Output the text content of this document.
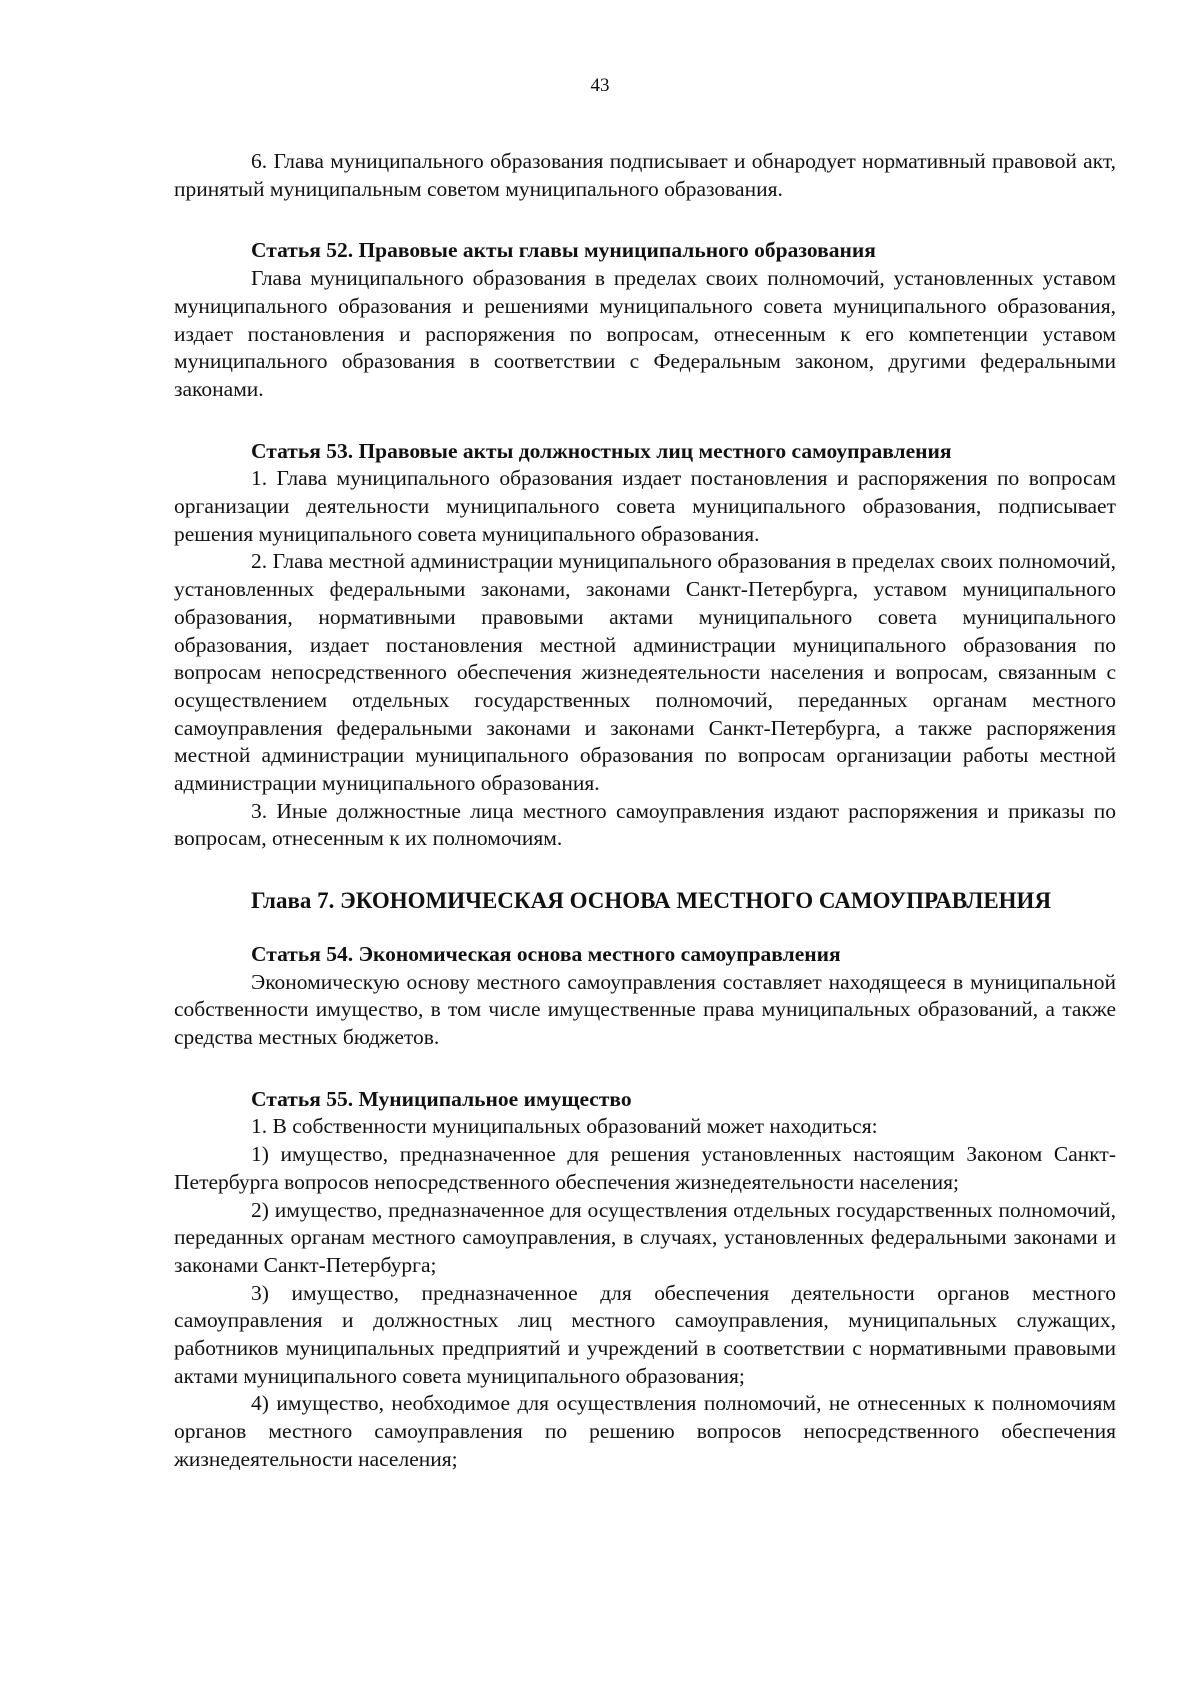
43

6. Глава муниципального образования подписывает и обнародует нормативный правовой акт, принятый муниципальным советом муниципального образования.

Статья 52. Правовые акты главы муниципального образования

Глава муниципального образования в пределах своих полномочий, установленных уставом муниципального образования и решениями муниципального совета муниципального образования, издает постановления и распоряжения по вопросам, отнесенным к его компетенции уставом муниципального образования в соответствии с Федеральным законом, другими федеральными законами.

Статья 53. Правовые акты должностных лиц местного самоуправления

1. Глава муниципального образования издает постановления и распоряжения по вопросам организации деятельности муниципального совета муниципального образования, подписывает решения муниципального совета муниципального образования.

2. Глава местной администрации муниципального образования в пределах своих полномочий, установленных федеральными законами, законами Санкт-Петербурга, уставом муниципального образования, нормативными правовыми актами муниципального совета муниципального образования, издает постановления местной администрации муниципального образования по вопросам непосредственного обеспечения жизнедеятельности населения и вопросам, связанным с осуществлением отдельных государственных полномочий, переданных органам местного самоуправления федеральными законами и законами Санкт-Петербурга, а также распоряжения местной администрации муниципального образования по вопросам организации работы местной администрации муниципального образования.

3. Иные должностные лица местного самоуправления издают распоряжения и приказы по вопросам, отнесенным к их полномочиям.

Глава 7. ЭКОНОМИЧЕСКАЯ ОСНОВА МЕСТНОГО САМОУПРАВЛЕНИЯ
Статья 54. Экономическая основа местного самоуправления

Экономическую основу местного самоуправления составляет находящееся в муниципальной собственности имущество, в том числе имущественные права муниципальных образований, а также средства местных бюджетов.

Статья 55. Муниципальное имущество

1. В собственности муниципальных образований может находиться:

1) имущество, предназначенное для решения установленных настоящим Законом Санкт-Петербурга вопросов непосредственного обеспечения жизнедеятельности населения;

2) имущество, предназначенное для осуществления отдельных государственных полномочий, переданных органам местного самоуправления, в случаях, установленных федеральными законами и законами Санкт-Петербурга;

3) имущество, предназначенное для обеспечения деятельности органов местного самоуправления и должностных лиц местного самоуправления, муниципальных служащих, работников муниципальных предприятий и учреждений в соответствии с нормативными правовыми актами муниципального совета муниципального образования;

4) имущество, необходимое для осуществления полномочий, не отнесенных к полномочиям органов местного самоуправления по решению вопросов непосредственного обеспечения жизнедеятельности населения;
